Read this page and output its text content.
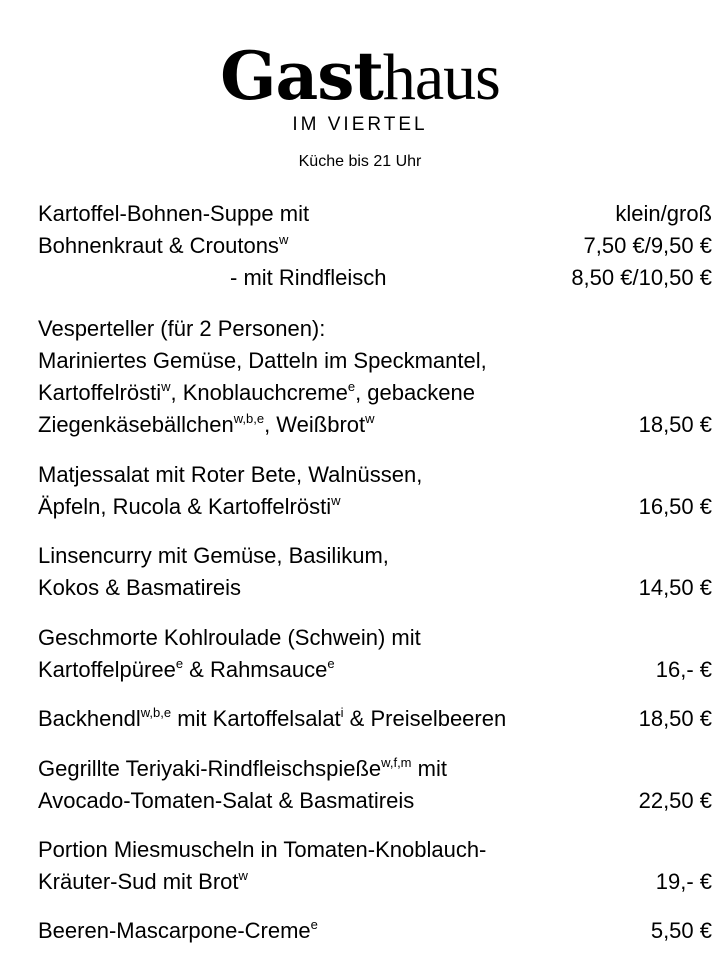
Gasthaus
IM VIERTEL
Küche bis 21 Uhr
Kartoffel-Bohnen-Suppe mit	klein/groß
Bohnenkraut & Croutons$^w$	7,50 €/9,50 €
- mit Rindfleisch	8,50 €/10,50 €
Vesperteller (für 2 Personen):
Mariniertes Gemüse, Datteln im Speckmantel,
Kartoffelrösti$^w$, Knoblauchcreme$^e$, gebackene
Ziegenkäsebällchen$^{w,b,e}$, Weißbrot$^w$	18,50 €
Matjessalat mit Roter Bete, Walnüssen,
Äpfeln, Rucola & Kartoffelrösti$^w$	16,50 €
Linsencurry mit Gemüse, Basilikum,
Kokos & Basmatireis	14,50 €
Geschmorte Kohlroulade (Schwein) mit
Kartoffelpüree$^e$ & Rahmsauce$^e$	16,- €
Backhendl$^{w,b,e}$ mit Kartoffelsalat$^i$ & Preiselbeeren	18,50 €
Gegrillte Teriyaki-Rindfleischspieße$^{w,f,m}$ mit
Avocado-Tomaten-Salat & Basmatireis	22,50 €
Portion Miesmuscheln in Tomaten-Knoblauch-
Kräuter-Sud mit Brot$^w$	19,- €
Beeren-Mascarpone-Creme$^e$	5,50 €
